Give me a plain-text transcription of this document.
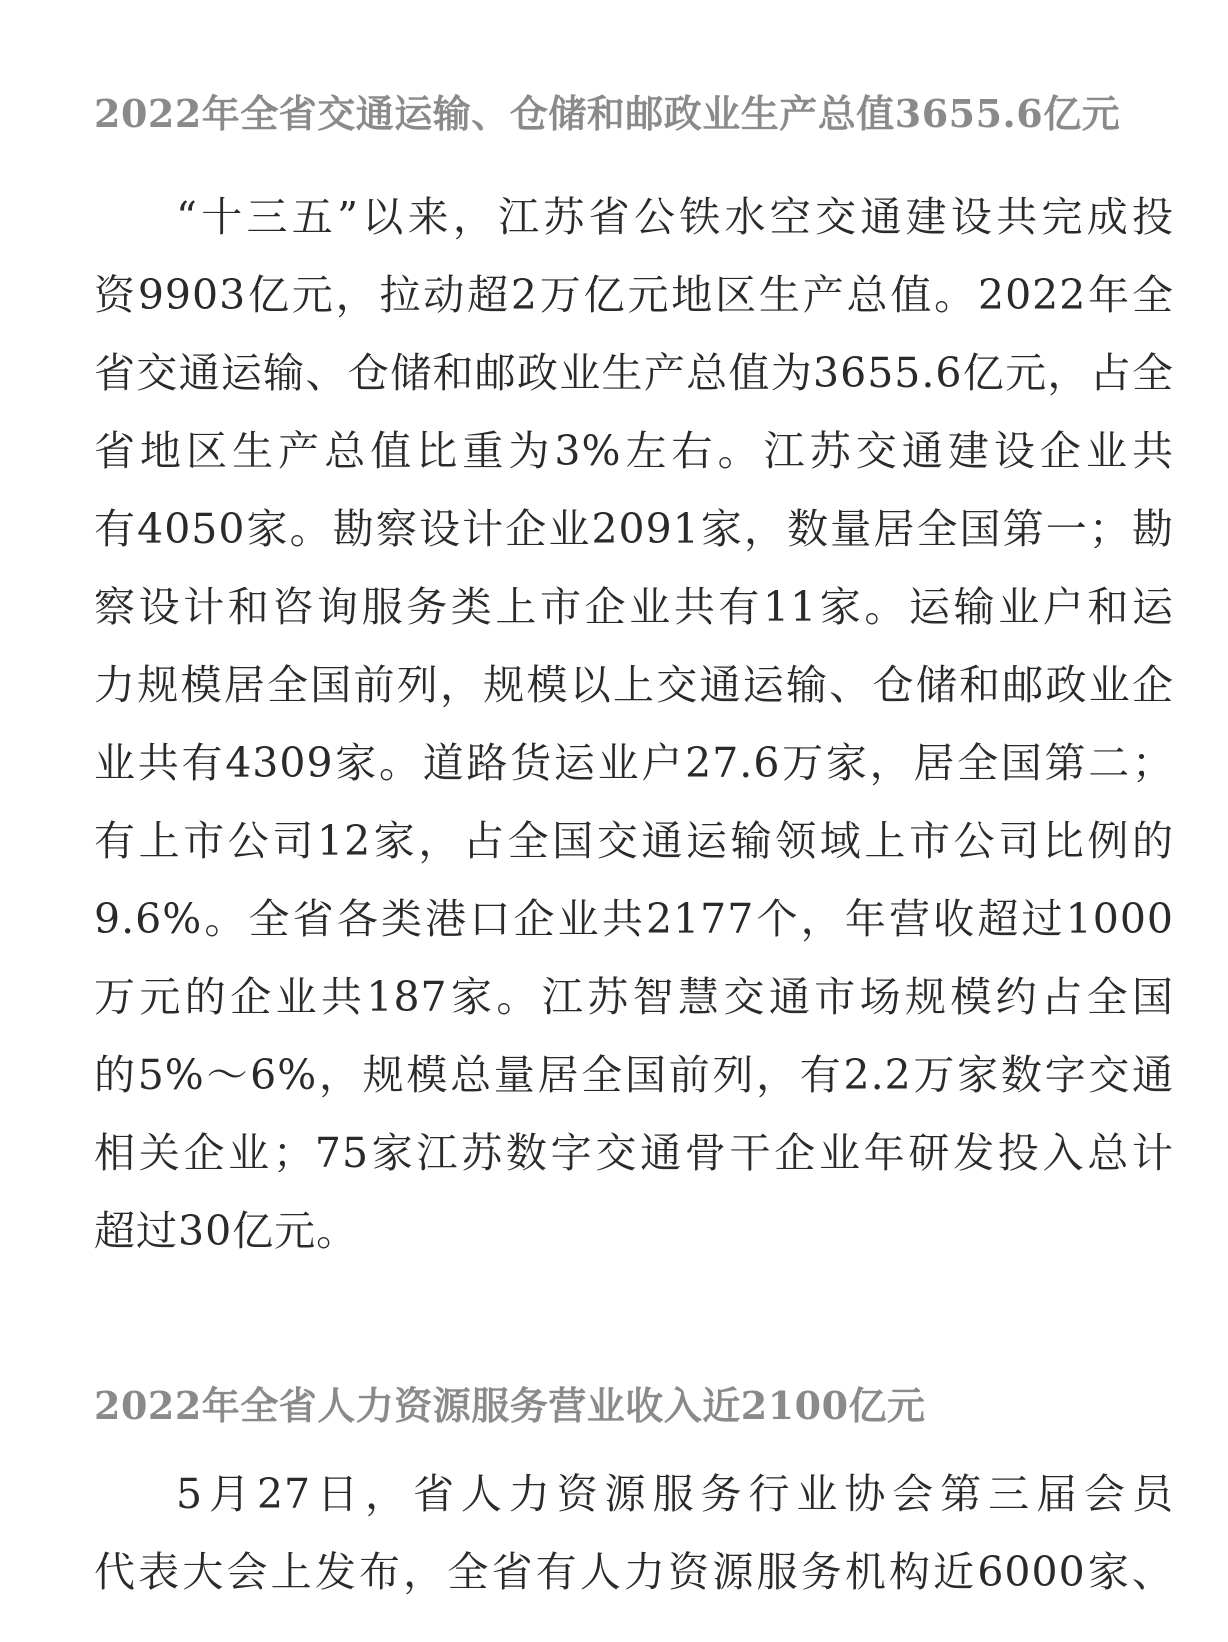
2022年全省交通运输、仓储和邮政业生产总值3655.6亿元
“十三五”以来，江苏省公铁水空交通建设共完成投
资9903亿元，拉动超2万亿元地区生产总值。2022年全
省交通运输、仓储和邮政业生产总值为3655.6亿元，占全
省地区生产总值比重为3%左右。江苏交通建设企业共
有4050家。勘察设计企业2091家，数量居全国第一；勘
察设计和咨询服务类上市企业共有11家。运输业户和运
力规模居全国前列，规模以上交通运输、仓储和邮政业企
业共有4309家。道路货运业户27.6万家，居全国第二；
有上市公司12家，占全国交通运输领域上市公司比例的
9.6%。全省各类港口企业共2177个，年营收超过1000
万元的企业共187家。江苏智慧交通市场规模约占全国
的5%～6%，规模总量居全国前列，有2.2万家数字交通
相关企业；75家江苏数字交通骨干企业年研发投入总计
超过30亿元。
2022年全省人力资源服务营业收入近2100亿元
5月27日，省人力资源服务行业协会第三届会员
代表大会上发布，全省有人力资源服务机构近6000家、
